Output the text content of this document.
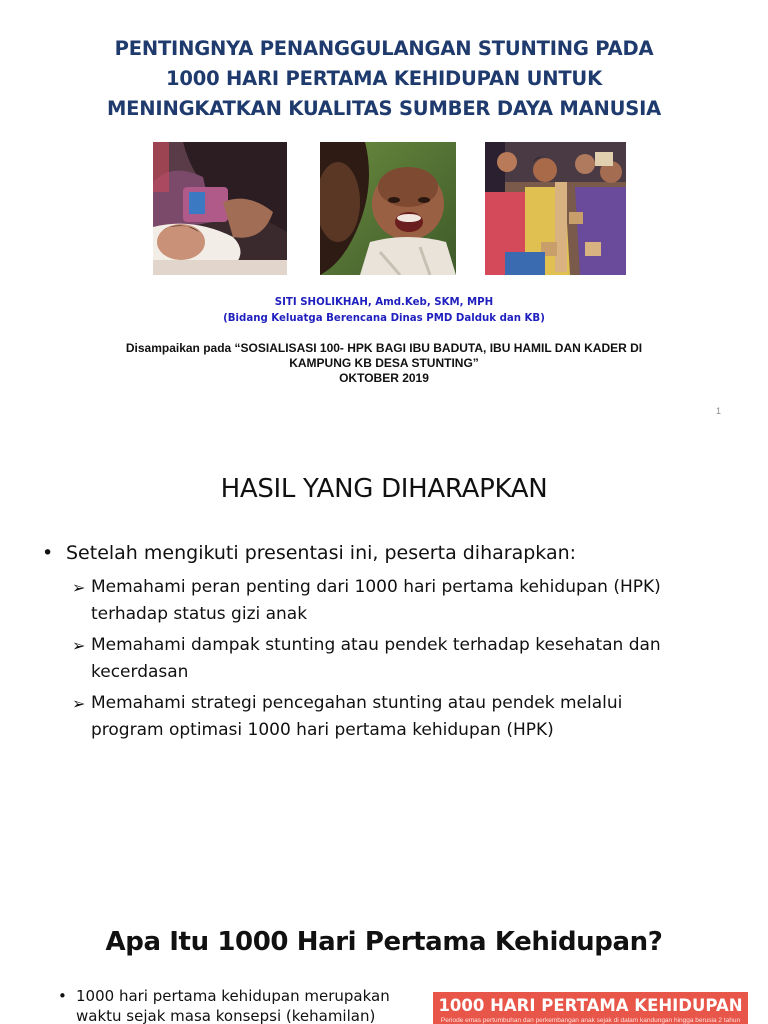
PENTINGNYA PENANGGULANGAN STUNTING PADA
1000 HARI PERTAMA KEHIDUPAN UNTUK
MENINGKATKAN KUALITAS SUMBER DAYA MANUSIA
SITI SHOLIKHAH, Amd.Keb, SKM, MPH
(Bidang Keluatga Berencana Dinas PMD Dalduk dan KB)
Disampaikan pada “SOSIALISASI 100- HPK BAGI IBU BADUTA, IBU HAMIL DAN KADER DI
KAMPUNG KB DESA STUNTING”
OKTOBER 2019
1
HASIL YANG DIHARAPKAN
• Setelah mengikuti presentasi ini, peserta diharapkan:
➢ Memahami peran penting dari 1000 hari pertama kehidupan (HPK)
terhadap status gizi anak
➢ Memahami dampak stunting atau pendek terhadap kesehatan dan
kecerdasan
➢ Memahami strategi pencegahan stunting atau pendek melalui
program optimasi 1000 hari pertama kehidupan (HPK)
Apa Itu 1000 Hari Pertama Kehidupan?
• 1000 hari pertama kehidupan merupakan
waktu sejak masa konsepsi (kehamilan)
1000 HARI PERTAMA KEHIDUPAN
Periode emas pertumbuhan dan perkembangan anak sejak di dalam kandungan hingga berusia 2 tahun
